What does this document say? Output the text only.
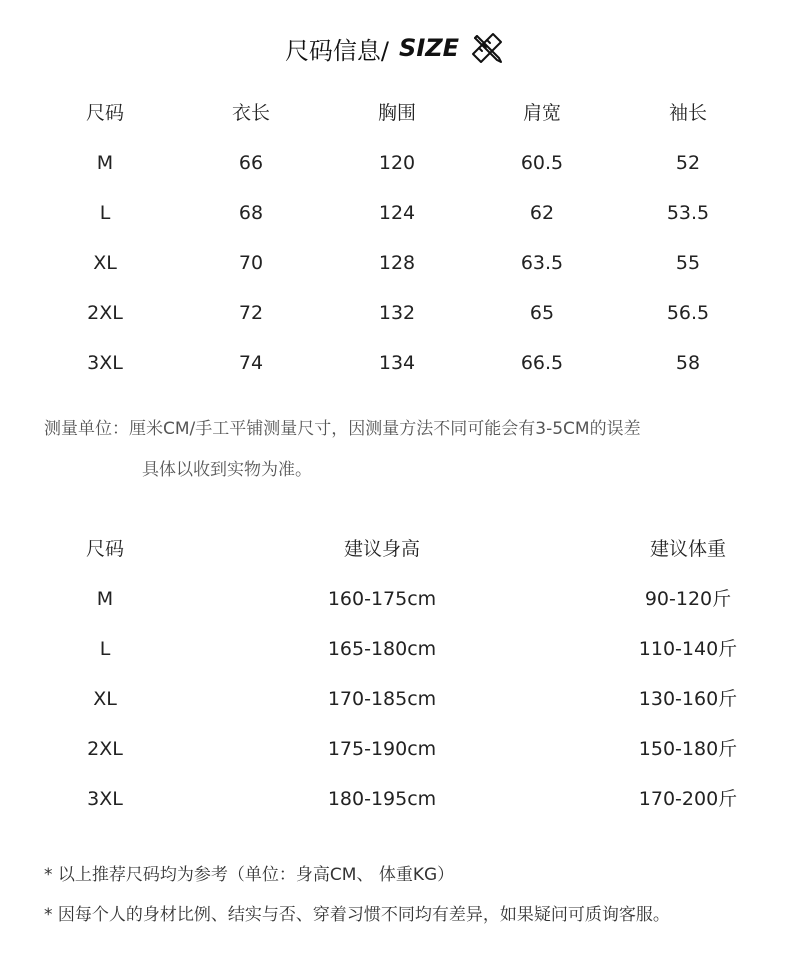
尺码信息/ SIZE
尺码	衣长	胸围	肩宽	袖长
M	66	120	60.5	52
L	68	124	62	53.5
XL	70	128	63.5	55
2XL	72	132	65	56.5
3XL	74	134	66.5	58
测量单位：厘米CM/手工平铺测量尺寸，因测量方法不同可能会有3-5CM的误差
具体以收到实物为准。
尺码	建议身高	建议体重
M	160-175cm	90-120斤
L	165-180cm	110-140斤
XL	170-185cm	130-160斤
2XL	175-190cm	150-180斤
3XL	180-195cm	170-200斤
* 以上推荐尺码均为参考（单位：身高CM、 体重KG）
* 因每个人的身材比例、结实与否、穿着习惯不同均有差异，如果疑问可质询客服。
